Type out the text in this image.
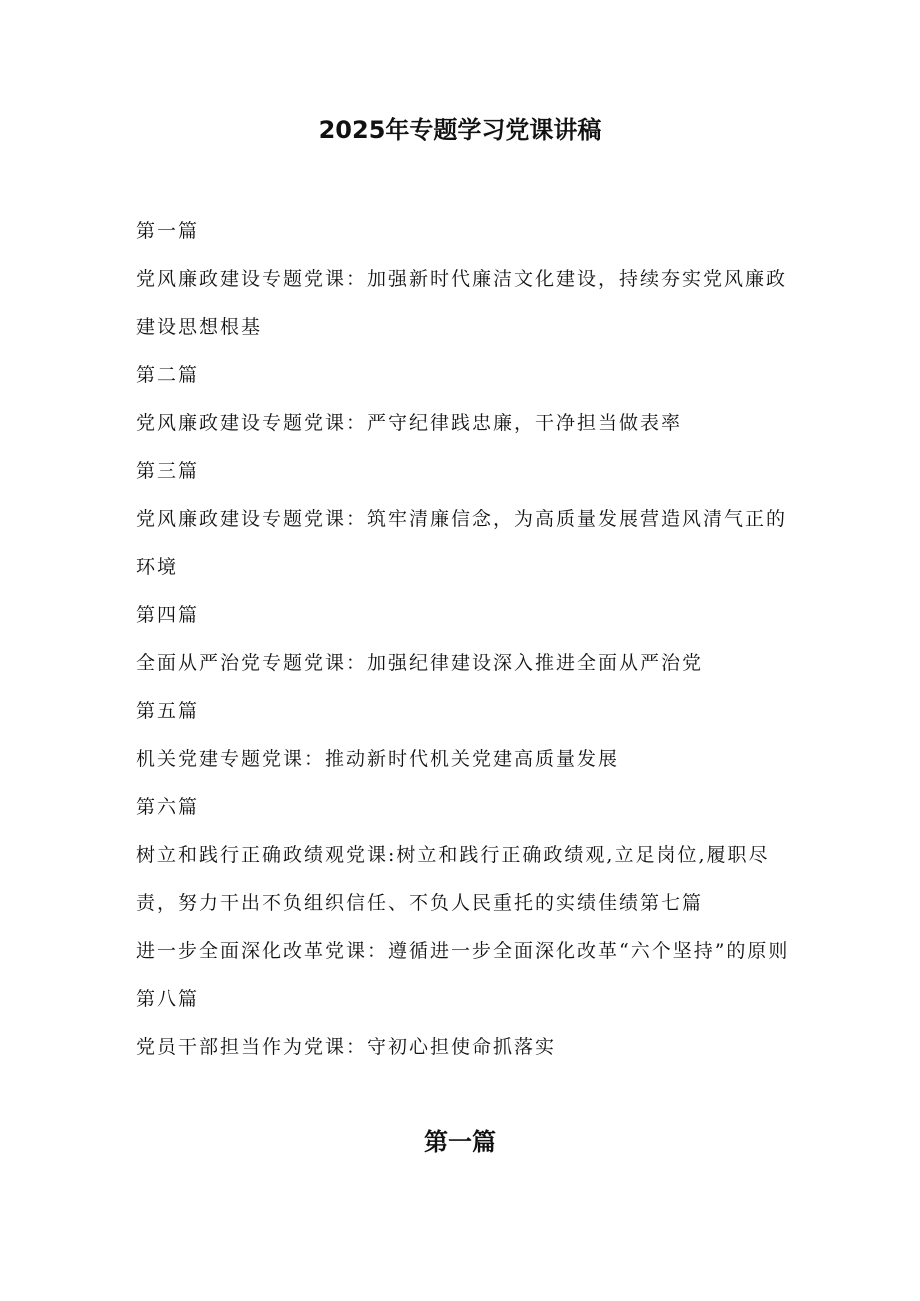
2025年专题学习党课讲稿

第一篇

党风廉政建设专题党课：加强新时代廉洁文化建设，持续夯实党风廉政建设思想根基

第二篇

党风廉政建设专题党课：严守纪律践忠廉，干净担当做表率

第三篇

党风廉政建设专题党课：筑牢清廉信念，为高质量发展营造风清气正的环境

第四篇

全面从严治党专题党课：加强纪律建设深入推进全面从严治党

第五篇

机关党建专题党课：推动新时代机关党建高质量发展

第六篇

树立和践行正确政绩观党课:树立和践行正确政绩观,立足岗位,履职尽责，努力干出不负组织信任、不负人民重托的实绩佳绩第七篇

进一步全面深化改革党课：遵循进一步全面深化改革“六个坚持”的原则

第八篇

党员干部担当作为党课：守初心担使命抓落实

第一篇
